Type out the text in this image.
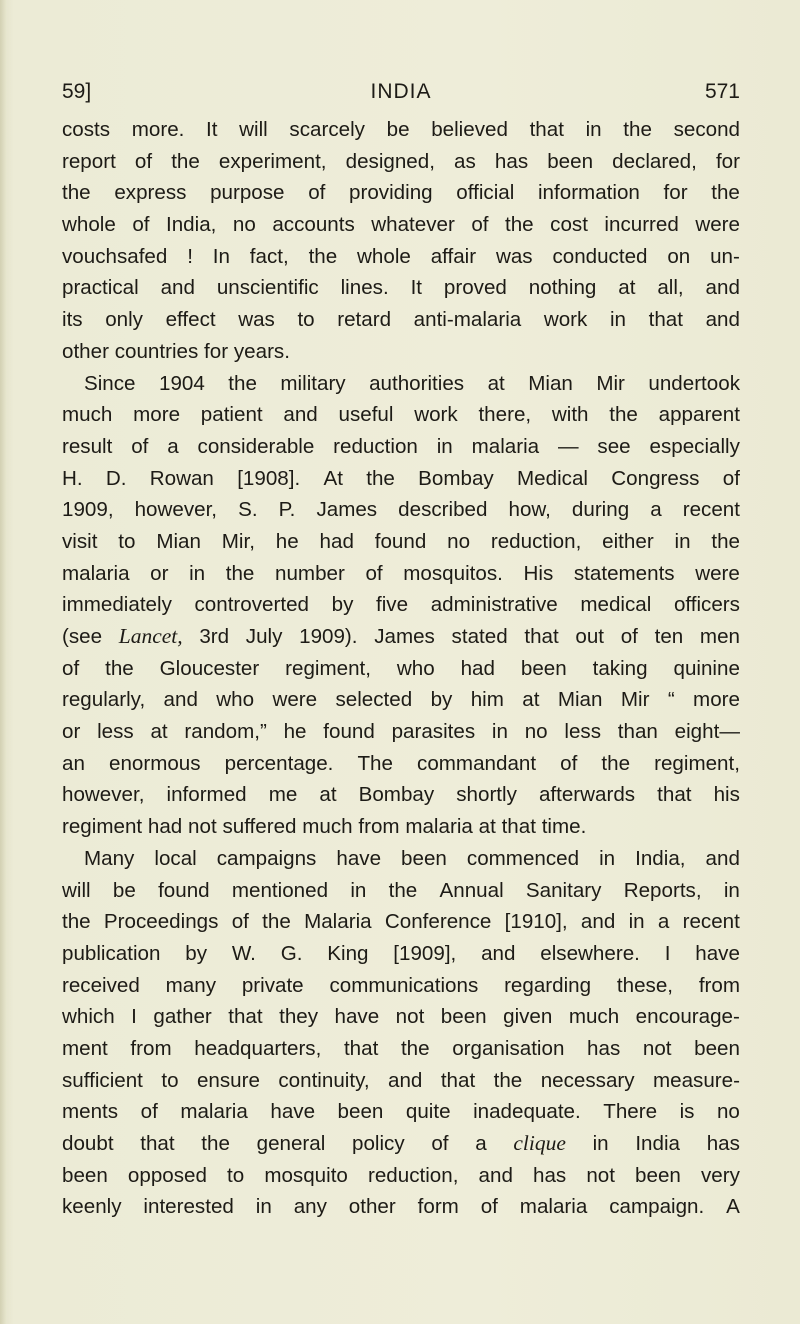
59]	INDIA	571
costs more. It will scarcely be believed that in the second
report of the experiment, designed, as has been declared, for
the express purpose of providing official information for the
whole of India, no accounts whatever of the cost incurred were
vouchsafed ! In fact, the whole affair was conducted on un-
practical and unscientific lines. It proved nothing at all, and
its only effect was to retard anti-malaria work in that and
other countries for years.
Since 1904 the military authorities at Mian Mir undertook
much more patient and useful work there, with the apparent
result of a considerable reduction in malaria — see especially
H. D. Rowan [1908]. At the Bombay Medical Congress of
1909, however, S. P. James described how, during a recent
visit to Mian Mir, he had found no reduction, either in the
malaria or in the number of mosquitos. His statements were
immediately controverted by five administrative medical officers
(see Lancet, 3rd July 1909). James stated that out of ten men
of the Gloucester regiment, who had been taking quinine
regularly, and who were selected by him at Mian Mir “ more
or less at random,” he found parasites in no less than eight—
an enormous percentage. The commandant of the regiment,
however, informed me at Bombay shortly afterwards that his
regiment had not suffered much from malaria at that time.
Many local campaigns have been commenced in India, and
will be found mentioned in the Annual Sanitary Reports, in
the Proceedings of the Malaria Conference [1910], and in a recent
publication by W. G. King [1909], and elsewhere. I have
received many private communications regarding these, from
which I gather that they have not been given much encourage-
ment from headquarters, that the organisation has not been
sufficient to ensure continuity, and that the necessary measure-
ments of malaria have been quite inadequate. There is no
doubt that the general policy of a clique in India has
been opposed to mosquito reduction, and has not been very
keenly interested in any other form of malaria campaign. A
